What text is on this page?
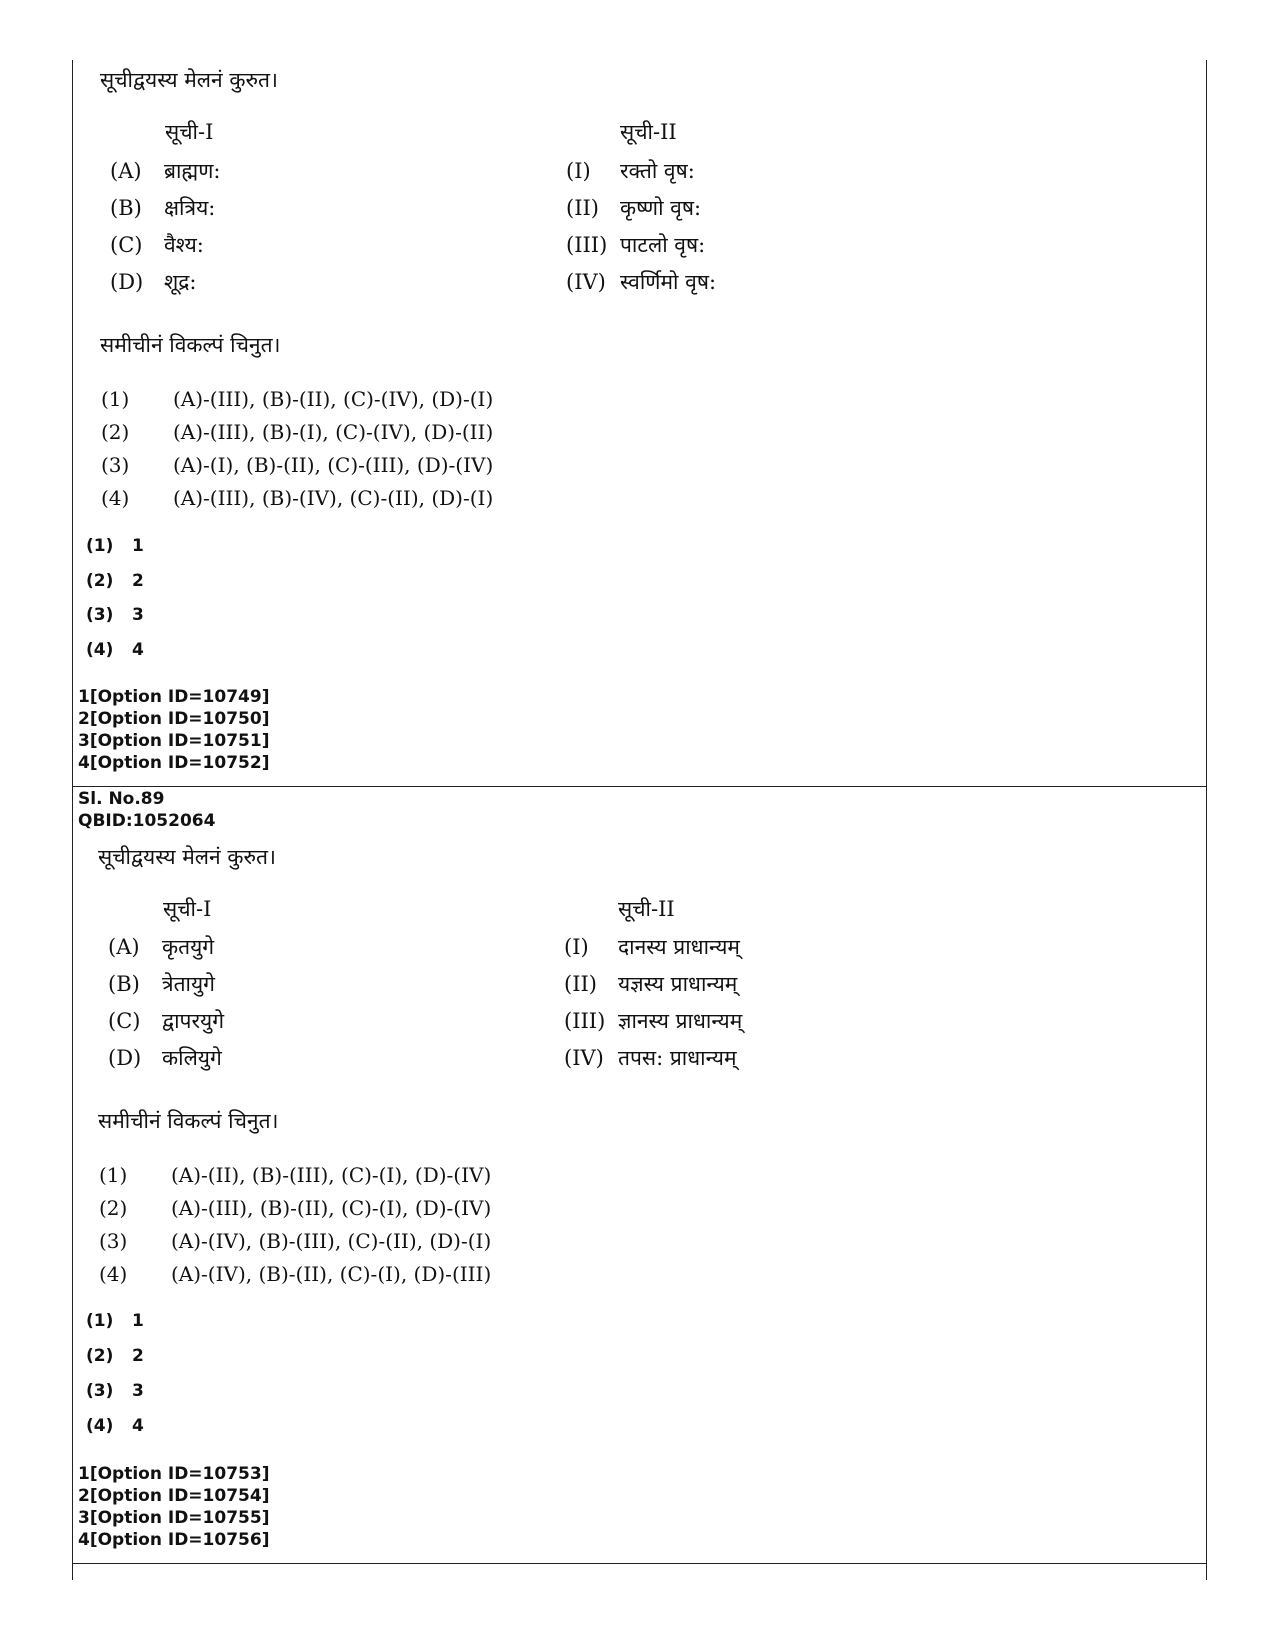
सूचीद्वयस्य मेलनं कुरुत।
सूची-I	सूची-II
(A) ब्राह्मण:	(I) रक्तो वृष:
(B) क्षत्रिय:	(II) कृष्णो वृष:
(C) वैश्य:	(III) पाटलो वृष:
(D) शूद्र:	(IV) स्वर्णिमो वृष:
समीचीनं विकल्पं चिनुत।
(1) (A)-(III), (B)-(II), (C)-(IV), (D)-(I)
(2) (A)-(III), (B)-(I), (C)-(IV), (D)-(II)
(3) (A)-(I), (B)-(II), (C)-(III), (D)-(IV)
(4) (A)-(III), (B)-(IV), (C)-(II), (D)-(I)
(1) 1
(2) 2
(3) 3
(4) 4
1[Option ID=10749]
2[Option ID=10750]
3[Option ID=10751]
4[Option ID=10752]
Sl. No.89
QBID:1052064
सूचीद्वयस्य मेलनं कुरुत।
सूची-I	सूची-II
(A) कृतयुगे	(I) दानस्य प्राधान्यम्
(B) त्रेतायुगे	(II) यज्ञस्य प्राधान्यम्
(C) द्वापरयुगे	(III) ज्ञानस्य प्राधान्यम्
(D) कलियुगे	(IV) तपस: प्राधान्यम्
समीचीनं विकल्पं चिनुत।
(1) (A)-(II), (B)-(III), (C)-(I), (D)-(IV)
(2) (A)-(III), (B)-(II), (C)-(I), (D)-(IV)
(3) (A)-(IV), (B)-(III), (C)-(II), (D)-(I)
(4) (A)-(IV), (B)-(II), (C)-(I), (D)-(III)
(1) 1
(2) 2
(3) 3
(4) 4
1[Option ID=10753]
2[Option ID=10754]
3[Option ID=10755]
4[Option ID=10756]
